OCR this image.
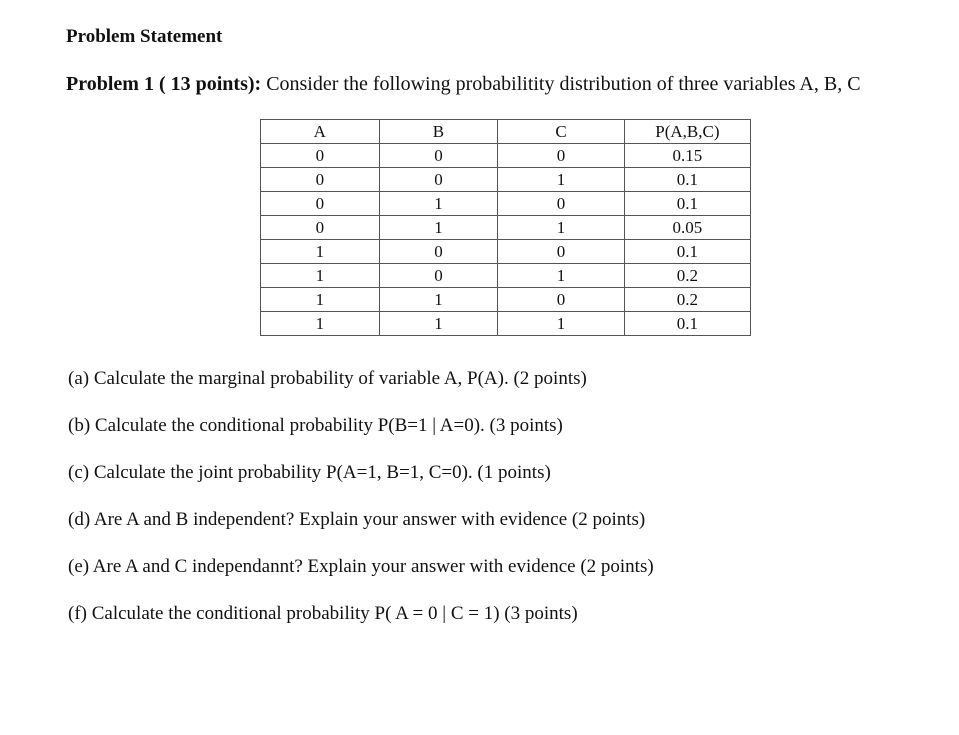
Problem Statement
Problem 1 ( 13 points): Consider the following probabilitity distribution of three variables A, B, C
A	B	C	P(A,B,C)
0	0	0	0.15
0	0	1	0.1
0	1	0	0.1
0	1	1	0.05
1	0	0	0.1
1	0	1	0.2
1	1	0	0.2
1	1	1	0.1
(a) Calculate the marginal probability of variable A, P(A). (2 points)
(b) Calculate the conditional probability P(B=1 | A=0). (3 points)
(c) Calculate the joint probability P(A=1, B=1, C=0). (1 points)
(d) Are A and B independent? Explain your answer with evidence (2 points)
(e) Are A and C independannt? Explain your answer with evidence (2 points)
(f) Calculate the conditional probability P( A = 0 | C = 1) (3 points)
